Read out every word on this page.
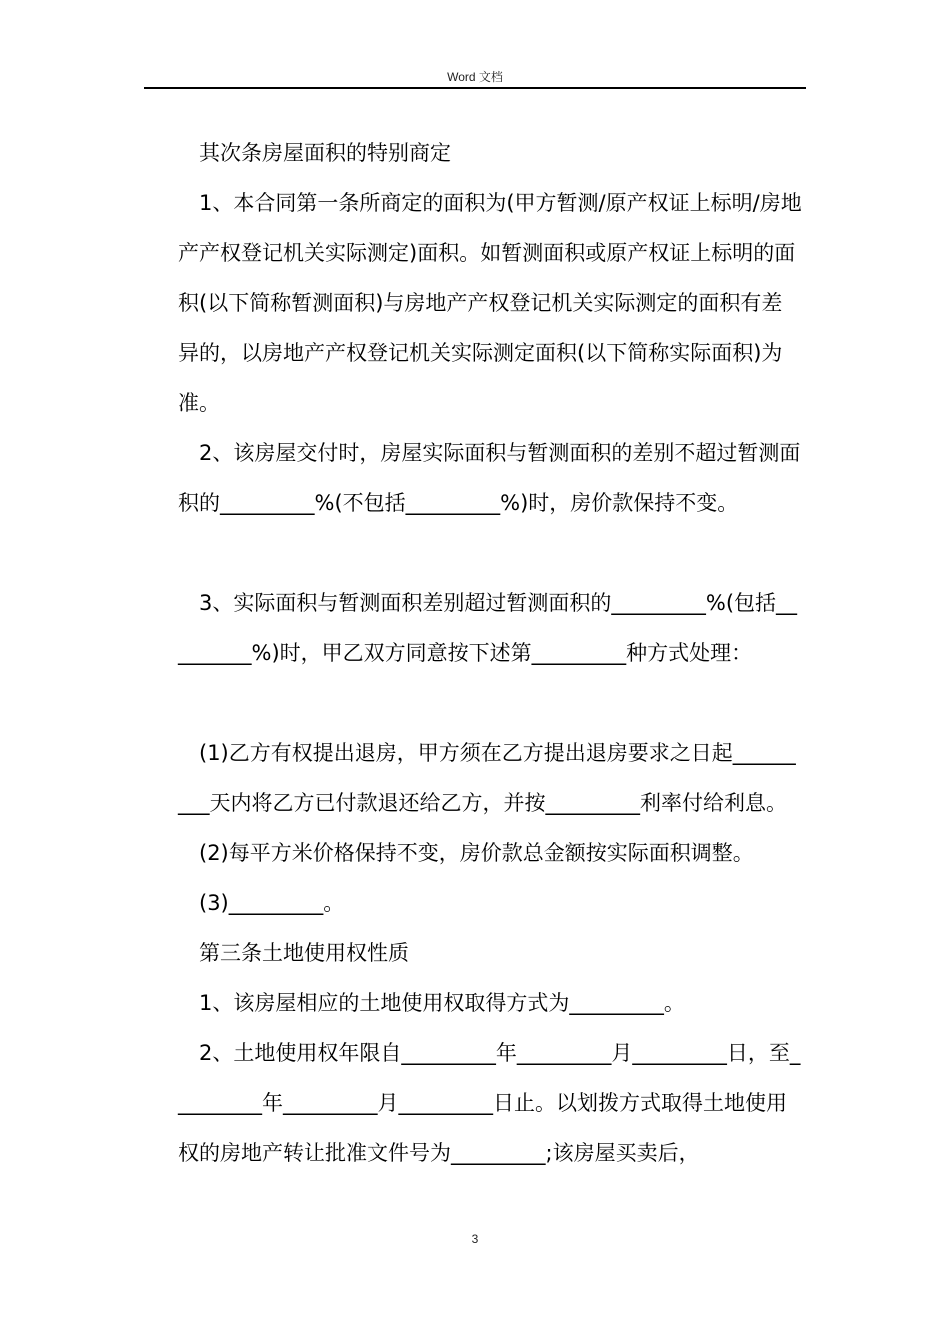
Word 文档

其次条房屋面积的特别商定

1、本合同第一条所商定的面积为(甲方暂测/原产权证上标明/房地产产权登记机关实际测定)面积。如暂测面积或原产权证上标明的面积(以下简称暂测面积)与房地产产权登记机关实际测定的面积有差异的，以房地产产权登记机关实际测定面积(以下简称实际面积)为准。

2、该房屋交付时，房屋实际面积与暂测面积的差别不超过暂测面积的_________%(不包括_________%)时，房价款保持不变。

3、实际面积与暂测面积差别超过暂测面积的_________%(包括_________%)时，甲乙双方同意按下述第_________种方式处理：

(1)乙方有权提出退房，甲方须在乙方提出退房要求之日起_________天内将乙方已付款退还给乙方，并按_________利率付给利息。

(2)每平方米价格保持不变，房价款总金额按实际面积调整。

(3)_________。

第三条土地使用权性质

1、该房屋相应的土地使用权取得方式为_________。

2、土地使用权年限自_________年_________月_________日，至_________年_________月_________日止。以划拨方式取得土地使用权的房地产转让批准文件号为_________;该房屋买卖后，

3
